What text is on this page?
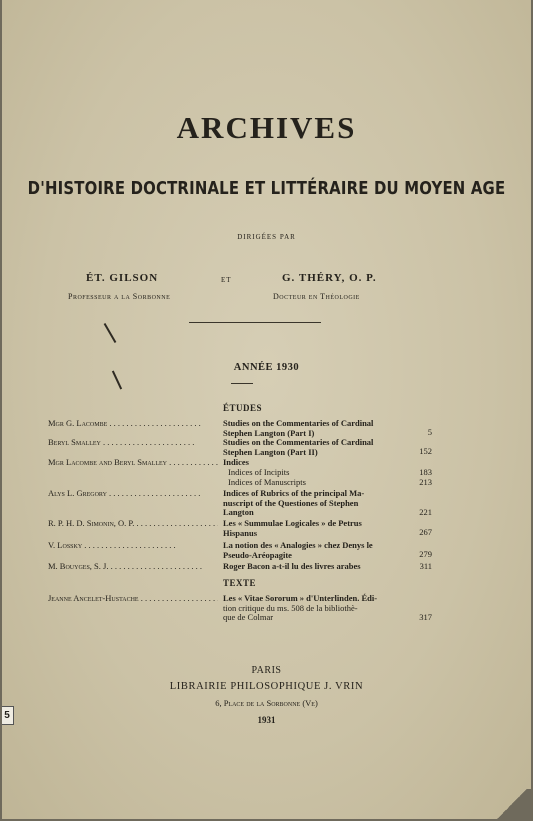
ARCHIVES
D'HISTOIRE DOCTRINALE ET LITTÉRAIRE DU MOYEN AGE
DIRIGÉES PAR
ÉT. GILSON
Professeur a la Sorbonne
ET	G. THÉRY, O. P.
Docteur en Théologie
ANNÉE 1930
ÉTUDES
Mgr G. Lacombe . . .	Studies on the Commentaries of Cardinal
Stephen Langton (Part I)	5
Beryl Smalley . . .	Studies on the Commentaries of Cardinal
Stephen Langton (Part II)	152
Mgr Lacombe and Beryl Smalley . . .	Indices
Indices of Incipits	183
Indices of Manuscripts	213
Alys L. Gregory . . .	Indices of Rubrics of the principal Ma-
nuscript of the Questiones of Stephen
Langton	221
R. P. H. D. Simonin, O. P. . . .	Les « Summulae Logicales » de Petrus
Hispanus	267
V. Lossky . . .	La notion des « Analogies » chez Denys le
Pseudo-Aréopagite	279
M. Bouyges, S. J. . . .	Roger Bacon a-t-il lu des livres arabes	311
TEXTE
Jeanne Ancelet-Hustache . . .	Les « Vitae Sororum » d'Unterlinden. Édi-
tion critique du ms. 508 de la bibliothè-
que de Colmar	317
PARIS
LIBRAIRIE PHILOSOPHIQUE J. VRIN
6, Place de la Sorbonne (Ve)
1931
5
